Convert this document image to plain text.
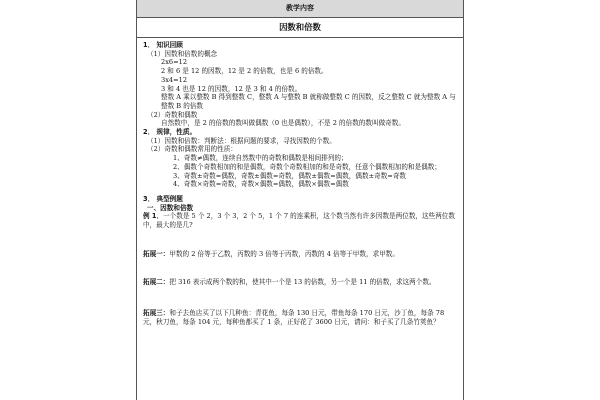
教学内容
因数和倍数

1． 知识回顾

（1）因数和倍数的概念

2x6=12

2 和 6 是 12 的因数，12 是 2 的倍数，也是 6 的倍数。

3x4=12

3 和 4 也是 12 的因数，12 是 3 和 4 的倍数。

整数 A 乘以整数 B 得到整数 C，整数 A 与整数 B 就称做整数 C 的因数，反之整数 C 就为整数 A 与整数 B 的倍数

（2）奇数和偶数

自然数中，是 2 的倍数的数叫做偶数（0 也是偶数），不是 2 的倍数的数叫做奇数。

2． 规律，性质。

（1）因数和倍数：判断法：根据问题的要求，寻找因数的个数。

（2）奇数和偶数常用的性质：

1、奇数≠偶数，连续自然数中的奇数和偶数是相间排列的；

2、偶数个奇数相加的和是偶数，奇数个奇数相加的和是奇数，任意个偶数相加的和是偶数；

3、奇数±奇数=偶数，奇数±偶数=奇数，偶数±偶数=偶数，偶数±奇数=奇数

4、奇数×奇数=奇数，奇数×偶数=偶数，偶数×偶数=偶数

3． 典型例题

一、因数和倍数

例 1．一个数是 5 个 2，3 个 3，2 个 5，1 个 7 的连乘积，这个数当然有许多因数是两位数，这些两位数中，最大的是几?

拓展一：甲数的 2 倍等于乙数，丙数的 3 倍等于丙数，丙数的 4 倍等于甲数，求甲数。

拓展二：把 316 表示成两个数的和，使其中一个是 13 的倍数，另一个是 11 的倍数，求这两个数。

拓展三：和子去鱼店买了以下几种鱼：青花鱼，每条 130 日元，带鱼每条 170 日元，沙丁鱼，每条 78 元，秋刀鱼，每条 104 元，每种鱼都买了 1 条，正好花了 3600 日元，请问：和子买了几条竹荚鱼？
